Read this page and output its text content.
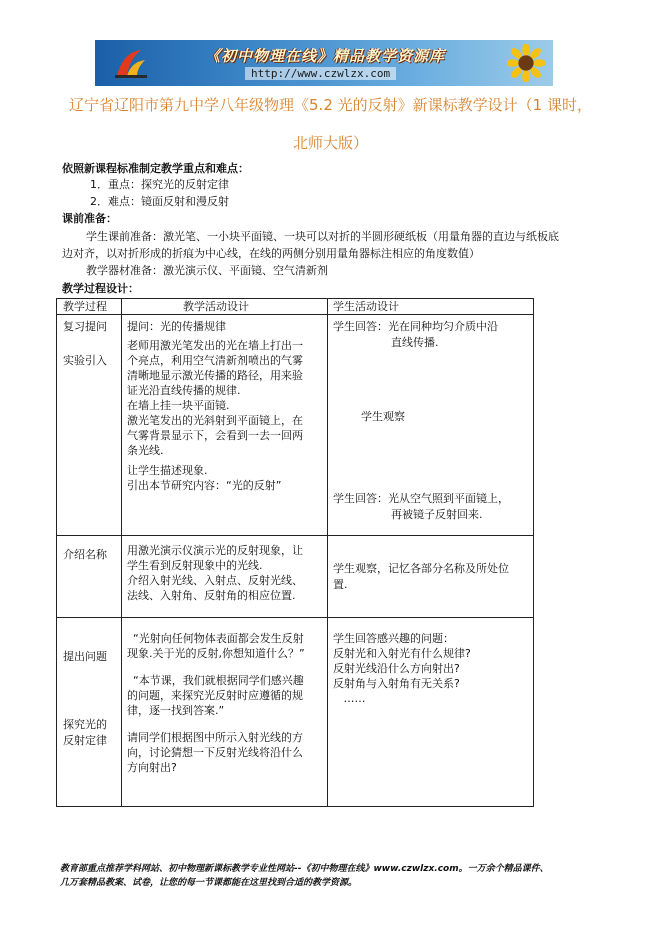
《初中物理在线》精品教学资源库
http://www.czwlzx.com
辽宁省辽阳市第九中学八年级物理《5.2 光的反射》新课标教学设计（1 课时，
北师大版）
依照新课程标准制定教学重点和难点：
1．重点：探究光的反射定律
2．难点：镜面反射和漫反射
课前准备：
学生课前准备：激光笔、一小块平面镜、一块可以对折的半圆形硬纸板（用量角器的直边与纸板底
边对齐，以对折形成的折痕为中心线，在线的两侧分别用量角器标注相应的角度数值）
教学器材准备：激光演示仪、平面镜、空气清新剂
教学过程设计：
教学过程	教学活动设计	学生活动设计
复习提问
实验引入

提问：光的传播规律

老师用激光笔发出的光在墙上打出一

个亮点，利用空气清新剂喷出的气雾

清晰地显示激光传播的路径，用来验

证光沿直线传播的规律.

在墙上挂一块平面镜.

激光笔发出的光斜射到平面镜上，在

气雾背景显示下，会看到一去一回两

条光线.

让学生描述现象.

引出本节研究内容：“光的反射”

学生回答：光在同种均匀介质中沿
直线传播.
学生观察
学生回答：光从空气照到平面镜上，
再被镜子反射回来.
介绍名称 用激光演示仪演示光的反射现象，让

学生看到反射现象中的光线.

介绍入射光线、入射点、反射光线、

法线、入射角、反射角的相应位置.

学生观察，记忆各部分名称及所处位
置.
提出问题
探究光的
反射定律

“光射向任何物体表面都会发生反射

现象.关于光的反射,你想知道什么？”

“本节课，我们就根据同学们感兴趣

的问题，来探究光反射时应遵循的规

律，逐一找到答案.”

请同学们根据图中所示入射光线的方

向，讨论猜想一下反射光线将沿什么

方向射出?

学生回答感兴趣的问题：

反射光和入射光有什么规律?

反射光线沿什么方向射出?

反射角与入射角有无关系?

……

教育部重点推荐学科网站、初中物理新课标教学专业性网站--《初中物理在线》www.czwlzx.com。一万余个精品课件、
几万套精品教案、试卷，让您的每一节课都能在这里找到合适的教学资源。
